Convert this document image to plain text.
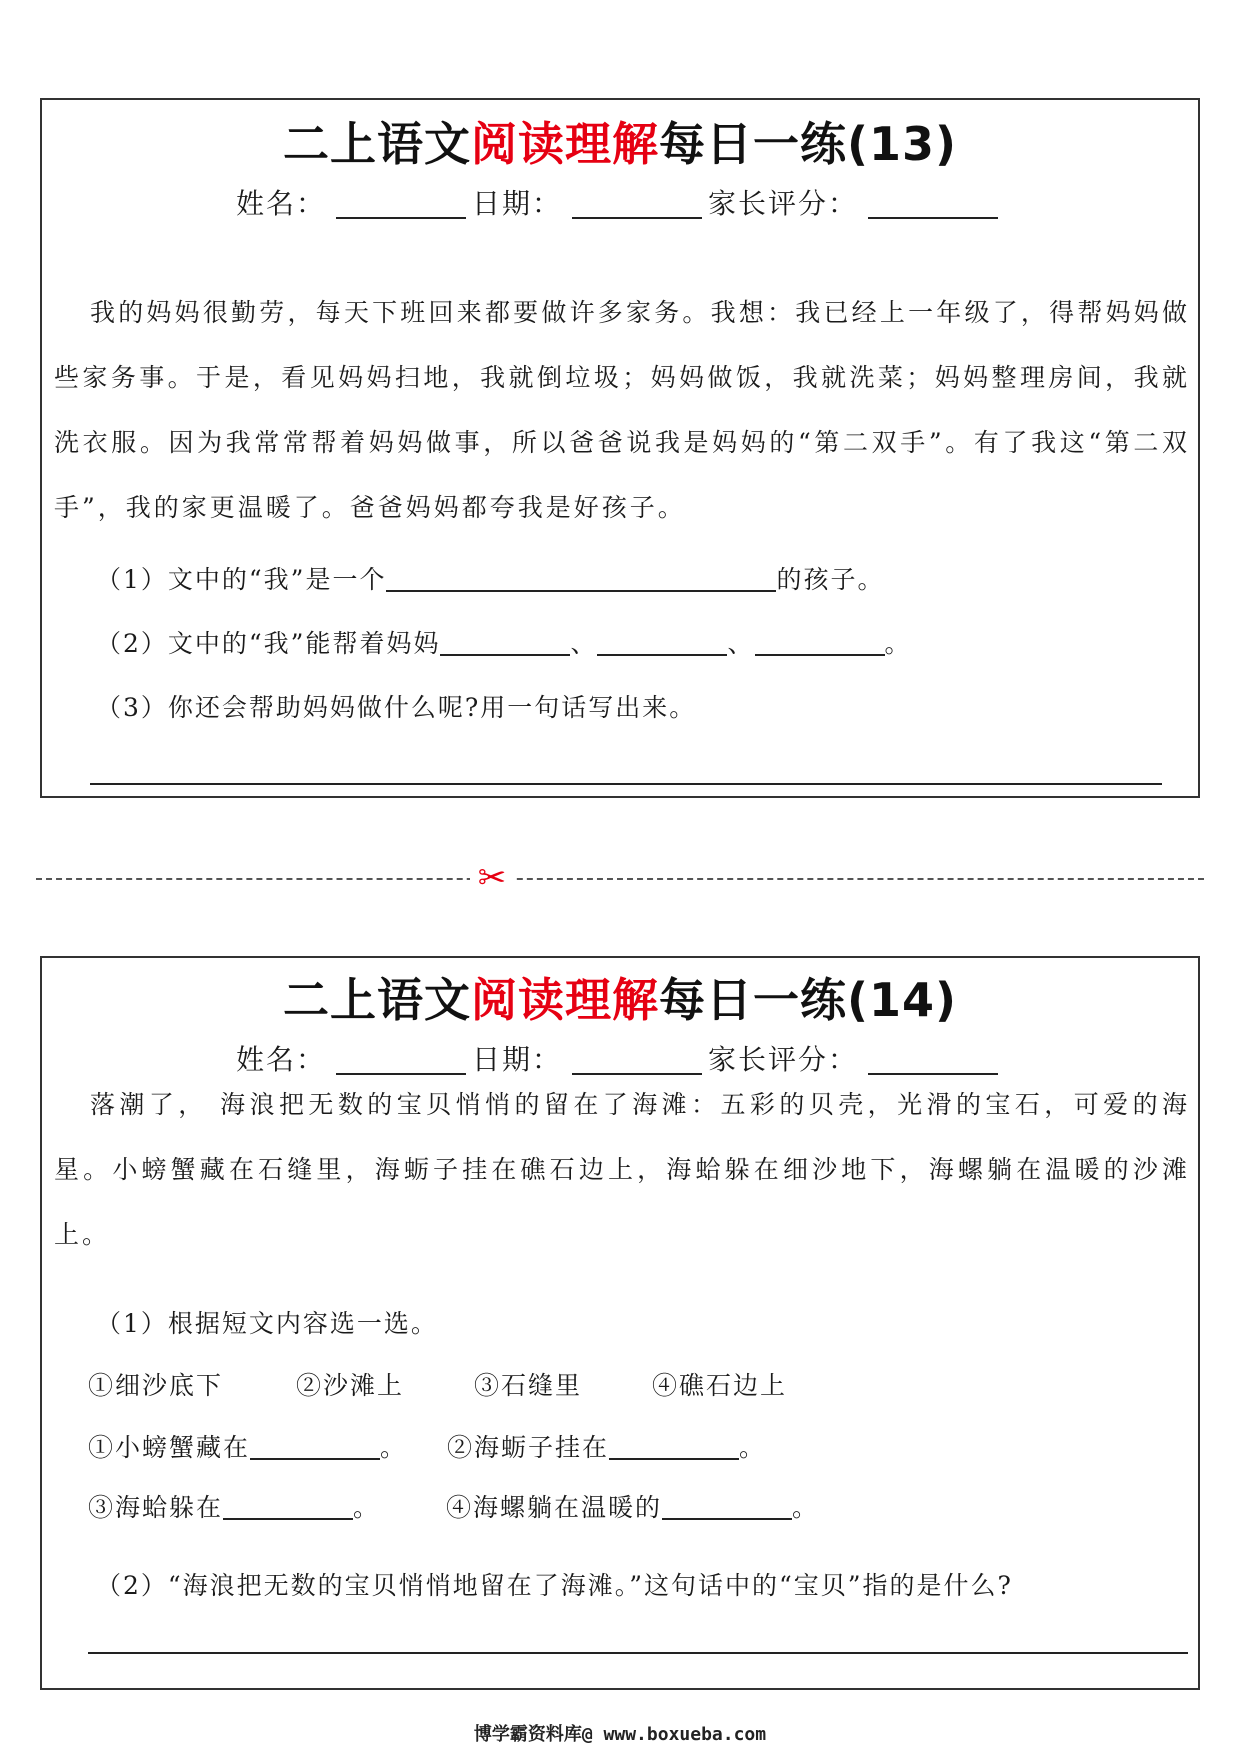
二上语文阅读理解每日一练(13)
姓名：	日期：	家长评分：

我的妈妈很勤劳，每天下班回来都要做许多家务。我想：我已经上一年级了，得帮妈妈做些家务事。于是，看见妈妈扫地，我就倒垃圾；妈妈做饭，我就洗菜；妈妈整理房间，我就洗衣服。因为我常常帮着妈妈做事，所以爸爸说我是妈妈的“第二双手”。有了我这“第二双手”，我的家更温暖了。爸爸妈妈都夸我是好孩子。

（1）文中的“我”是一个	的孩子。
（2）文中的“我”能帮着妈妈	、	、	。
（3）你还会帮助妈妈做什么呢?用一句话写出来。
✂
二上语文阅读理解每日一练(14)
姓名：	日期：	家长评分：

落潮了， 海浪把无数的宝贝悄悄的留在了海滩：五彩的贝壳，光滑的宝石，可爱的海星。小螃蟹藏在石缝里，海蛎子挂在礁石边上，海蛤躲在细沙地下，海螺躺在温暖的沙滩上。

（1）根据短文内容选一选。
①细沙底下	②沙滩上	③石缝里	④礁石边上
①小螃蟹藏在	。 ②海蛎子挂在	。
③海蛤躲在	。	④海螺躺在温暖的	。
（2）“海浪把无数的宝贝悄悄地留在了海滩。”这句话中的“宝贝”指的是什么?
博学霸资料库@ www.boxueba.com
